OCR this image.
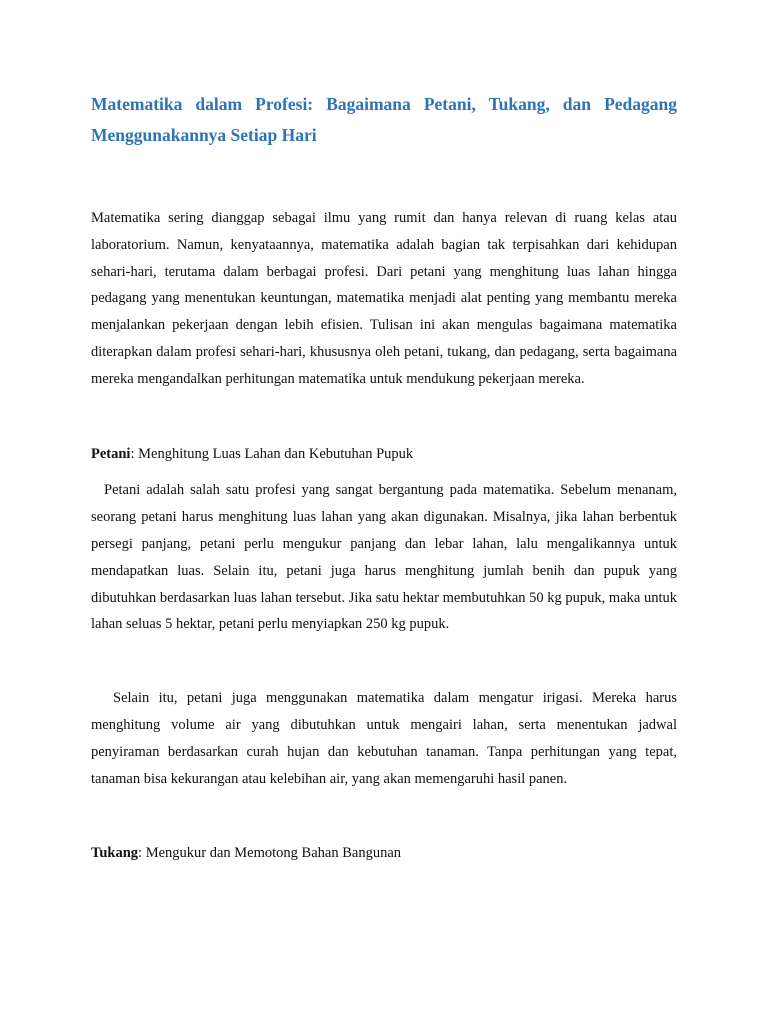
Matematika dalam Profesi: Bagaimana Petani, Tukang, dan Pedagang Menggunakannya Setiap Hari

Matematika sering dianggap sebagai ilmu yang rumit dan hanya relevan di ruang kelas atau laboratorium. Namun, kenyataannya, matematika adalah bagian tak terpisahkan dari kehidupan sehari-hari, terutama dalam berbagai profesi. Dari petani yang menghitung luas lahan hingga pedagang yang menentukan keuntungan, matematika menjadi alat penting yang membantu mereka menjalankan pekerjaan dengan lebih efisien. Tulisan ini akan mengulas bagaimana matematika diterapkan dalam profesi sehari-hari, khususnya oleh petani, tukang, dan pedagang, serta bagaimana mereka mengandalkan perhitungan matematika untuk mendukung pekerjaan mereka.

Petani: Menghitung Luas Lahan dan Kebutuhan Pupuk

Petani adalah salah satu profesi yang sangat bergantung pada matematika. Sebelum menanam, seorang petani harus menghitung luas lahan yang akan digunakan. Misalnya, jika lahan berbentuk persegi panjang, petani perlu mengukur panjang dan lebar lahan, lalu mengalikannya untuk mendapatkan luas. Selain itu, petani juga harus menghitung jumlah benih dan pupuk yang dibutuhkan berdasarkan luas lahan tersebut. Jika satu hektar membutuhkan 50 kg pupuk, maka untuk lahan seluas 5 hektar, petani perlu menyiapkan 250 kg pupuk.

Selain itu, petani juga menggunakan matematika dalam mengatur irigasi. Mereka harus menghitung volume air yang dibutuhkan untuk mengairi lahan, serta menentukan jadwal penyiraman berdasarkan curah hujan dan kebutuhan tanaman. Tanpa perhitungan yang tepat, tanaman bisa kekurangan atau kelebihan air, yang akan memengaruhi hasil panen.

Tukang: Mengukur dan Memotong Bahan Bangunan
